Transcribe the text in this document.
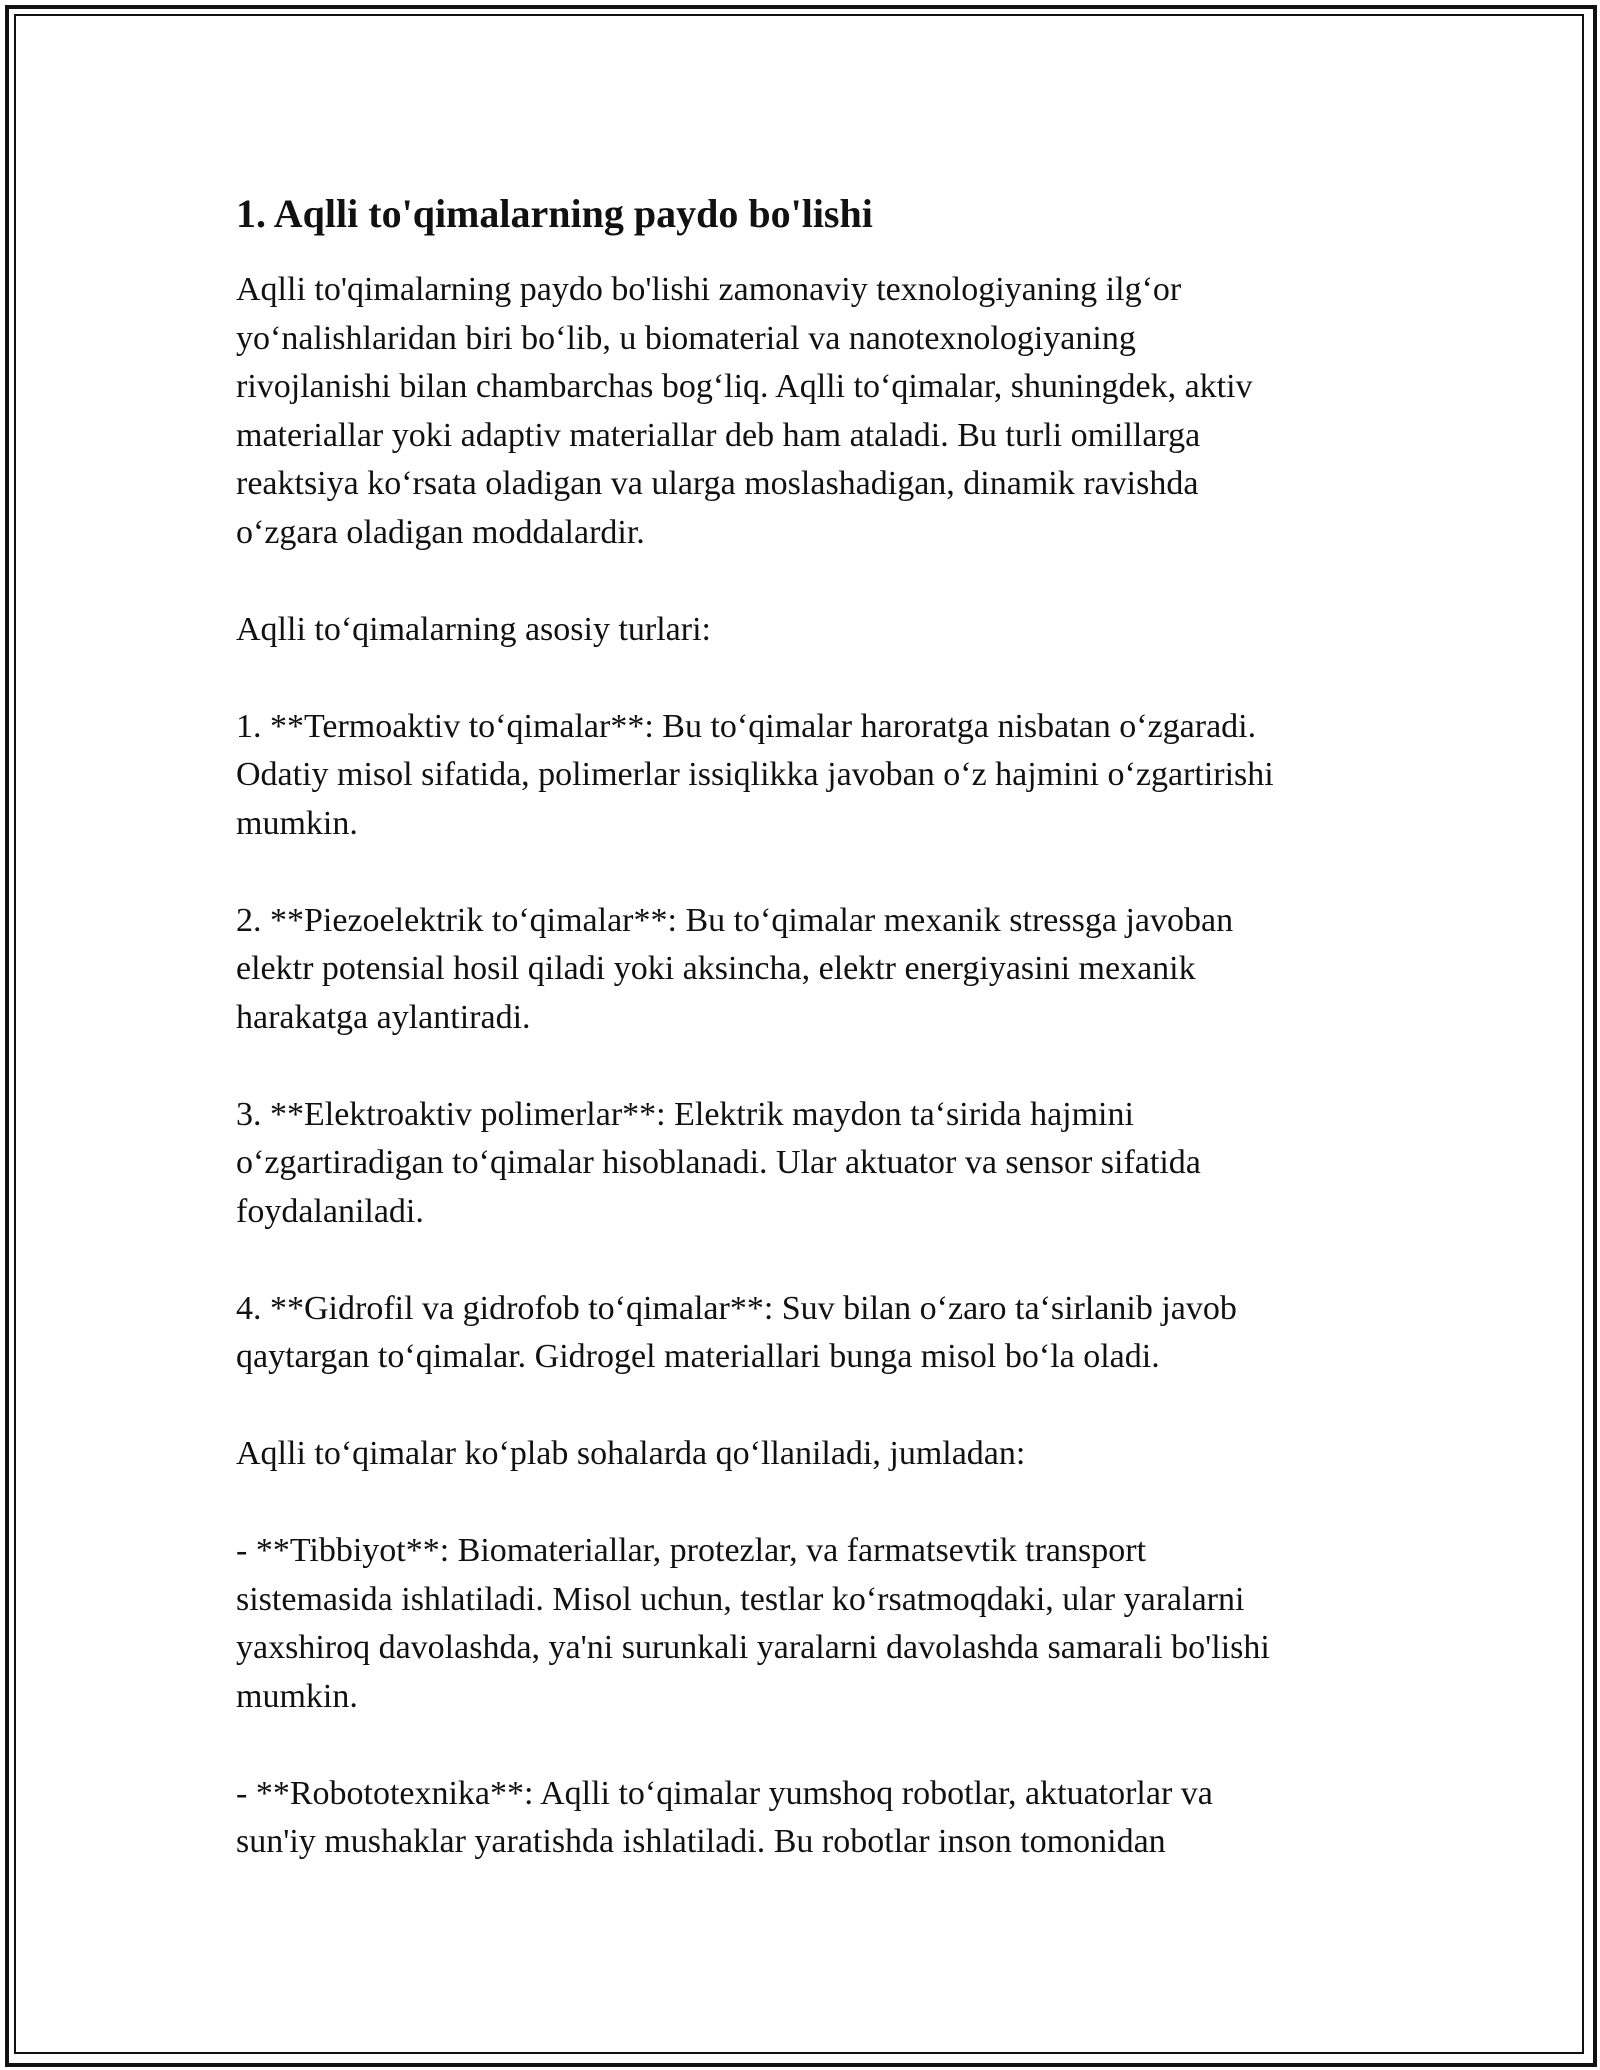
1. Aqlli to'qimalarning paydo bo'lishi

Aqlli to'qimalarning paydo bo'lishi zamonaviy texnologiyaning ilg‘or
yo‘nalishlaridan biri bo‘lib, u biomaterial va nanotexnologiyaning
rivojlanishi bilan chambarchas bog‘liq. Aqlli to‘qimalar, shuningdek, aktiv
materiallar yoki adaptiv materiallar deb ham ataladi. Bu turli omillarga
reaktsiya ko‘rsata oladigan va ularga moslashadigan, dinamik ravishda
o‘zgara oladigan moddalardir.

Aqlli to‘qimalarning asosiy turlari:

1. **Termoaktiv to‘qimalar**: Bu to‘qimalar haroratga nisbatan o‘zgaradi.
Odatiy misol sifatida, polimerlar issiqlikka javoban o‘z hajmini o‘zgartirishi
mumkin.

2. **Piezoelektrik to‘qimalar**: Bu to‘qimalar mexanik stressga javoban
elektr potensial hosil qiladi yoki aksincha, elektr energiyasini mexanik
harakatga aylantiradi.

3. **Elektroaktiv polimerlar**: Elektrik maydon ta‘sirida hajmini
o‘zgartiradigan to‘qimalar hisoblanadi. Ular aktuator va sensor sifatida
foydalaniladi.

4. **Gidrofil va gidrofob to‘qimalar**: Suv bilan o‘zaro ta‘sirlanib javob
qaytargan to‘qimalar. Gidrogel materiallari bunga misol bo‘la oladi.

Aqlli to‘qimalar ko‘plab sohalarda qo‘llaniladi, jumladan:

- **Tibbiyot**: Biomateriallar, protezlar, va farmatsevtik transport
sistemasida ishlatiladi. Misol uchun, testlar ko‘rsatmoqdaki, ular yaralarni
yaxshiroq davolashda, ya'ni surunkali yaralarni davolashda samarali bo'lishi
mumkin.

- **Robototexnika**: Aqlli to‘qimalar yumshoq robotlar, aktuatorlar va
sun'iy mushaklar yaratishda ishlatiladi. Bu robotlar inson tomonidan
